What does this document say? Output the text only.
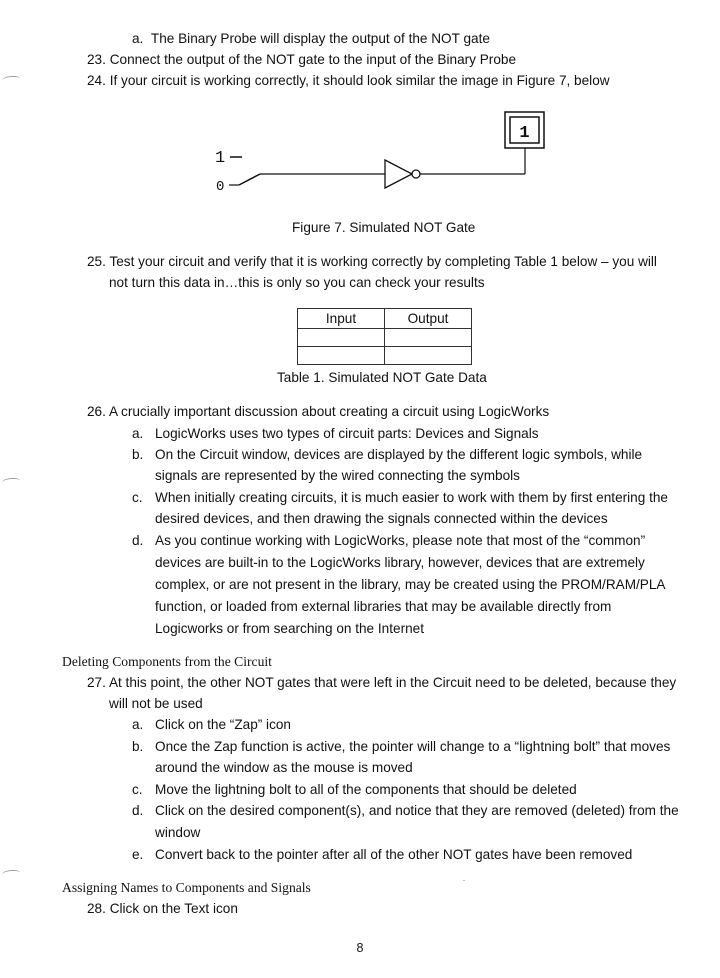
a. The Binary Probe will display the output of the NOT gate
23. Connect the output of the NOT gate to the input of the Binary Probe
24. If your circuit is working correctly, it should look similar the image in Figure 7, below
1
0
1
Figure 7. Simulated NOT Gate
25. Test your circuit and verify that it is working correctly by completing Table 1 below – you will
not turn this data in…this is only so you can check your results
Input	Output

Table 1. Simulated NOT Gate Data
26. A crucially important discussion about creating a circuit using LogicWorks
a. LogicWorks uses two types of circuit parts: Devices and Signals
b. On the Circuit window, devices are displayed by the different logic symbols, while
signals are represented by the wired connecting the symbols
c. When initially creating circuits, it is much easier to work with them by first entering the
desired devices, and then drawing the signals connected within the devices
d. As you continue working with LogicWorks, please note that most of the “common”
devices are built-in to the LogicWorks library, however, devices that are extremely
complex, or are not present in the library, may be created using the PROM/RAM/PLA
function, or loaded from external libraries that may be available directly from
Logicworks or from searching on the Internet
Deleting Components from the Circuit
27. At this point, the other NOT gates that were left in the Circuit need to be deleted, because they
will not be used
a. Click on the “Zap” icon
b. Once the Zap function is active, the pointer will change to a “lightning bolt” that moves
around the window as the mouse is moved
c. Move the lightning bolt to all of the components that should be deleted
d. Click on the desired component(s), and notice that they are removed (deleted) from the
window
e. Convert back to the pointer after all of the other NOT gates have been removed
Assigning Names to Components and Signals
28. Click on the Text icon
8
